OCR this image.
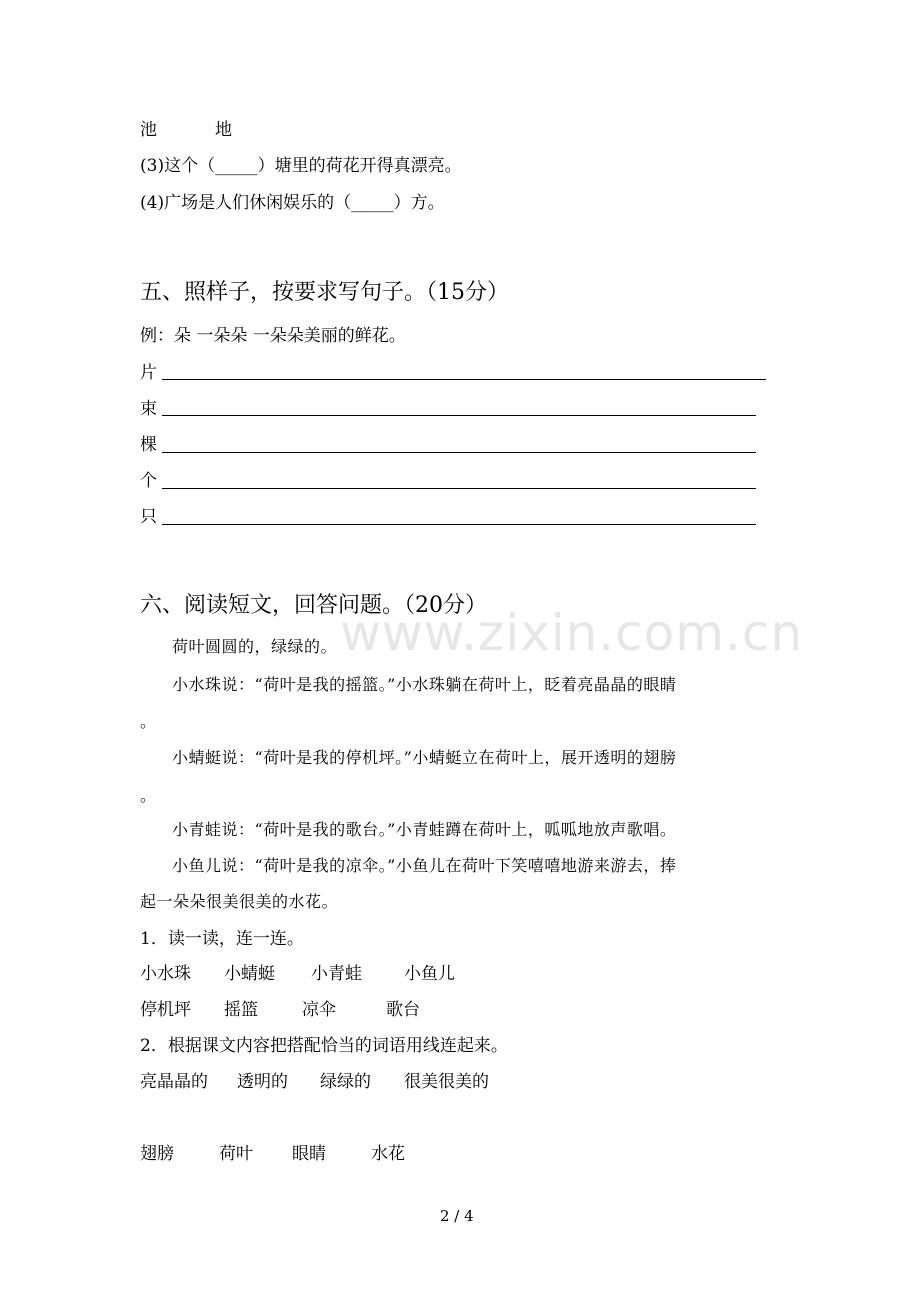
www.zixin.com.cn
池	地
(3)这个（_____）塘里的荷花开得真漂亮。
(4)广场是人们休闲娱乐的（_____）方。
五、照样子，按要求写句子。（15分）
例：朵 一朵朵 一朵朵美丽的鲜花。
片
束
棵
个
只
六、阅读短文，回答问题。（20分）
荷叶圆圆的，绿绿的。
小水珠说：“荷叶是我的摇篮。”小水珠躺在荷叶上，眨着亮晶晶的眼睛
。
小蜻蜓说：“荷叶是我的停机坪。”小蜻蜓立在荷叶上，展开透明的翅膀
。
小青蛙说：“荷叶是我的歌台。”小青蛙蹲在荷叶上，呱呱地放声歌唱。
小鱼儿说：“荷叶是我的凉伞。”小鱼儿在荷叶下笑嘻嘻地游来游去，捧
起一朵朵很美很美的水花。
1．读一读，连一连。
小水珠 小蜻蜓 小青蛙 小鱼儿
停机坪 摇篮	凉伞	歌台
2．根据课文内容把搭配恰当的词语用线连起来。
亮晶晶的 透明的 绿绿的 很美很美的
翅膀	荷叶 眼睛	水花
2 / 4
